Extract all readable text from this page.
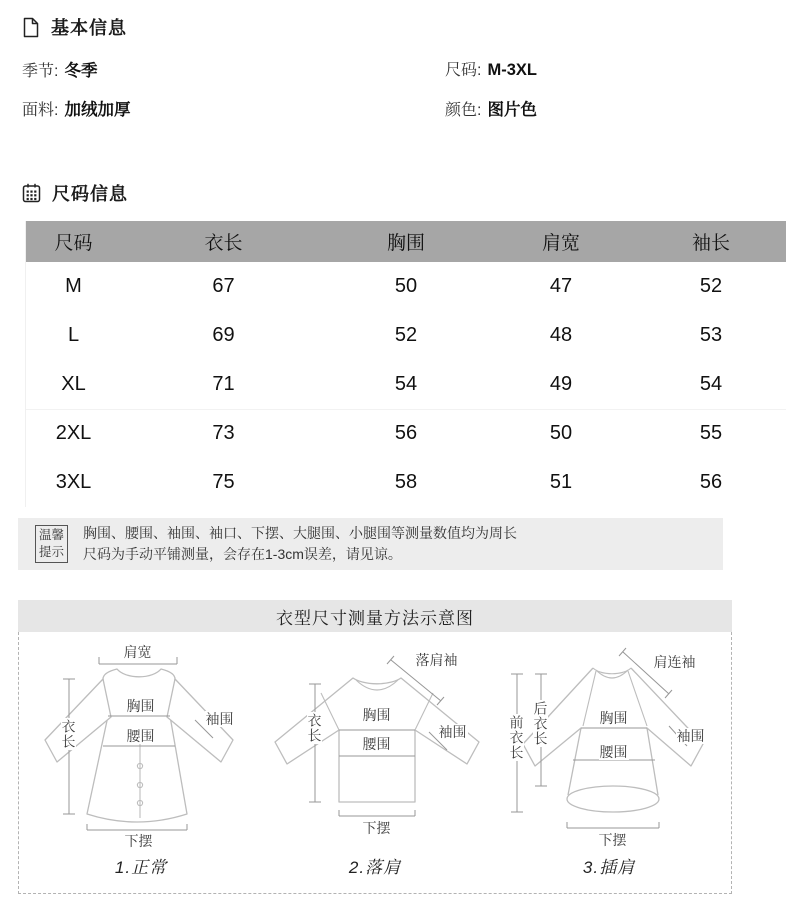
基本信息
季节: 冬季	尺码: M-3XL
面料: 加绒加厚	颜色: 图片色
尺码信息
尺码	衣长	胸围	肩宽	袖长
M	67	50	47	52
L	69	52	48	53
XL	71	54	49	54
2XL	73	56	50	55
3XL	75	58	51	56
温馨
提示
胸围、腰围、袖围、袖口、下摆、大腿围、小腿围等测量数值均为周长
尺码为手动平铺测量，会存在1-3cm误差，请见谅。
衣型尺寸测量方法示意图
肩宽
胸围
腰围
袖围
衣长
下摆
1.正常
落肩袖
胸围
腰围
袖围
衣长
下摆
2.落肩
肩连袖
胸围
腰围
袖围
前衣长 后衣长
下摆
3.插肩
